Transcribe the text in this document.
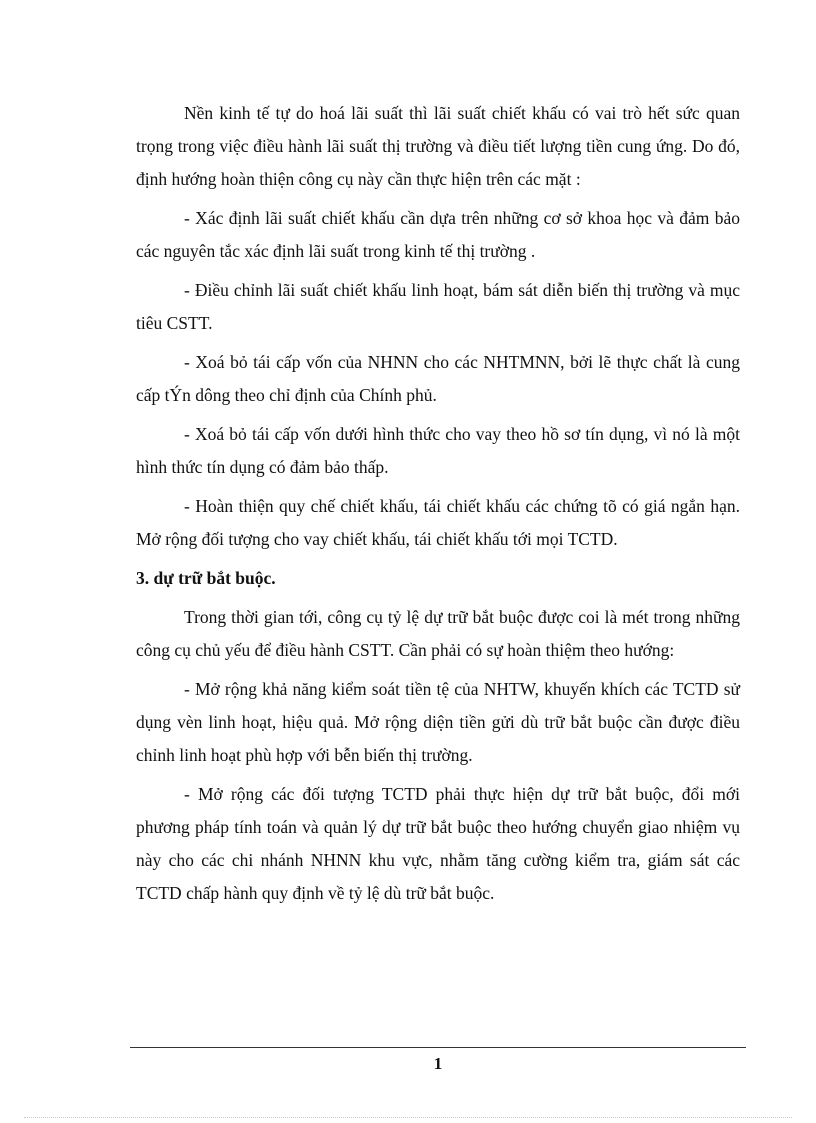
Nền kinh tế tự do hoá lãi suất thì lãi suất chiết khấu có vai trò hết sức quan trọng trong việc điều hành lãi suất thị trường và điều tiết lượng tiền cung ứng. Do đó, định hướng hoàn thiện công cụ này cần thực hiện trên các mặt :

- Xác định lãi suất chiết khấu cần dựa trên những cơ sở khoa học và đảm bảo các nguyên tắc xác định lãi suất trong kinh tế thị trường .

- Điều chỉnh lãi suất chiết khấu linh hoạt, bám sát diễn biến thị trường và mục tiêu CSTT.

- Xoá bỏ tái cấp vốn của NHNN cho các NHTMNN, bởi lẽ thực chất là cung cấp tÝn dông theo chỉ định của Chính phủ.

- Xoá bỏ tái cấp vốn dưới hình thức cho vay theo hồ sơ tín dụng, vì nó là một hình thức tín dụng có đảm bảo thấp.

- Hoàn thiện quy chế chiết khấu, tái chiết khấu các chứng tõ có giá ngắn hạn. Mở rộng đối tượng cho vay chiết khấu, tái chiết khấu tới mọi TCTD.

3. dự trữ bắt buộc.

Trong thời gian tới, công cụ tỷ lệ dự trữ bắt buộc được coi là mét trong những công cụ chủ yếu để điều hành CSTT. Cần phải có sự hoàn thiệm theo hướng:

- Mở rộng khả năng kiểm soát tiền tệ của NHTW, khuyến khích các TCTD sử dụng vèn linh hoạt, hiệu quả. Mở rộng diện tiền gửi dù trữ bắt buộc cần được điều chỉnh linh hoạt phù hợp với bễn biến thị trường.

- Mở rộng các đối tượng TCTD phải thực hiện dự trữ bắt buộc, đổi mới phương pháp tính toán và quản lý dự trữ bắt buộc theo hướng chuyển giao nhiệm vụ này cho các chi nhánh NHNN khu vực, nhằm tăng cường kiểm tra, giám sát các TCTD chấp hành quy định về tỷ lệ dù trữ bắt buộc.

1
